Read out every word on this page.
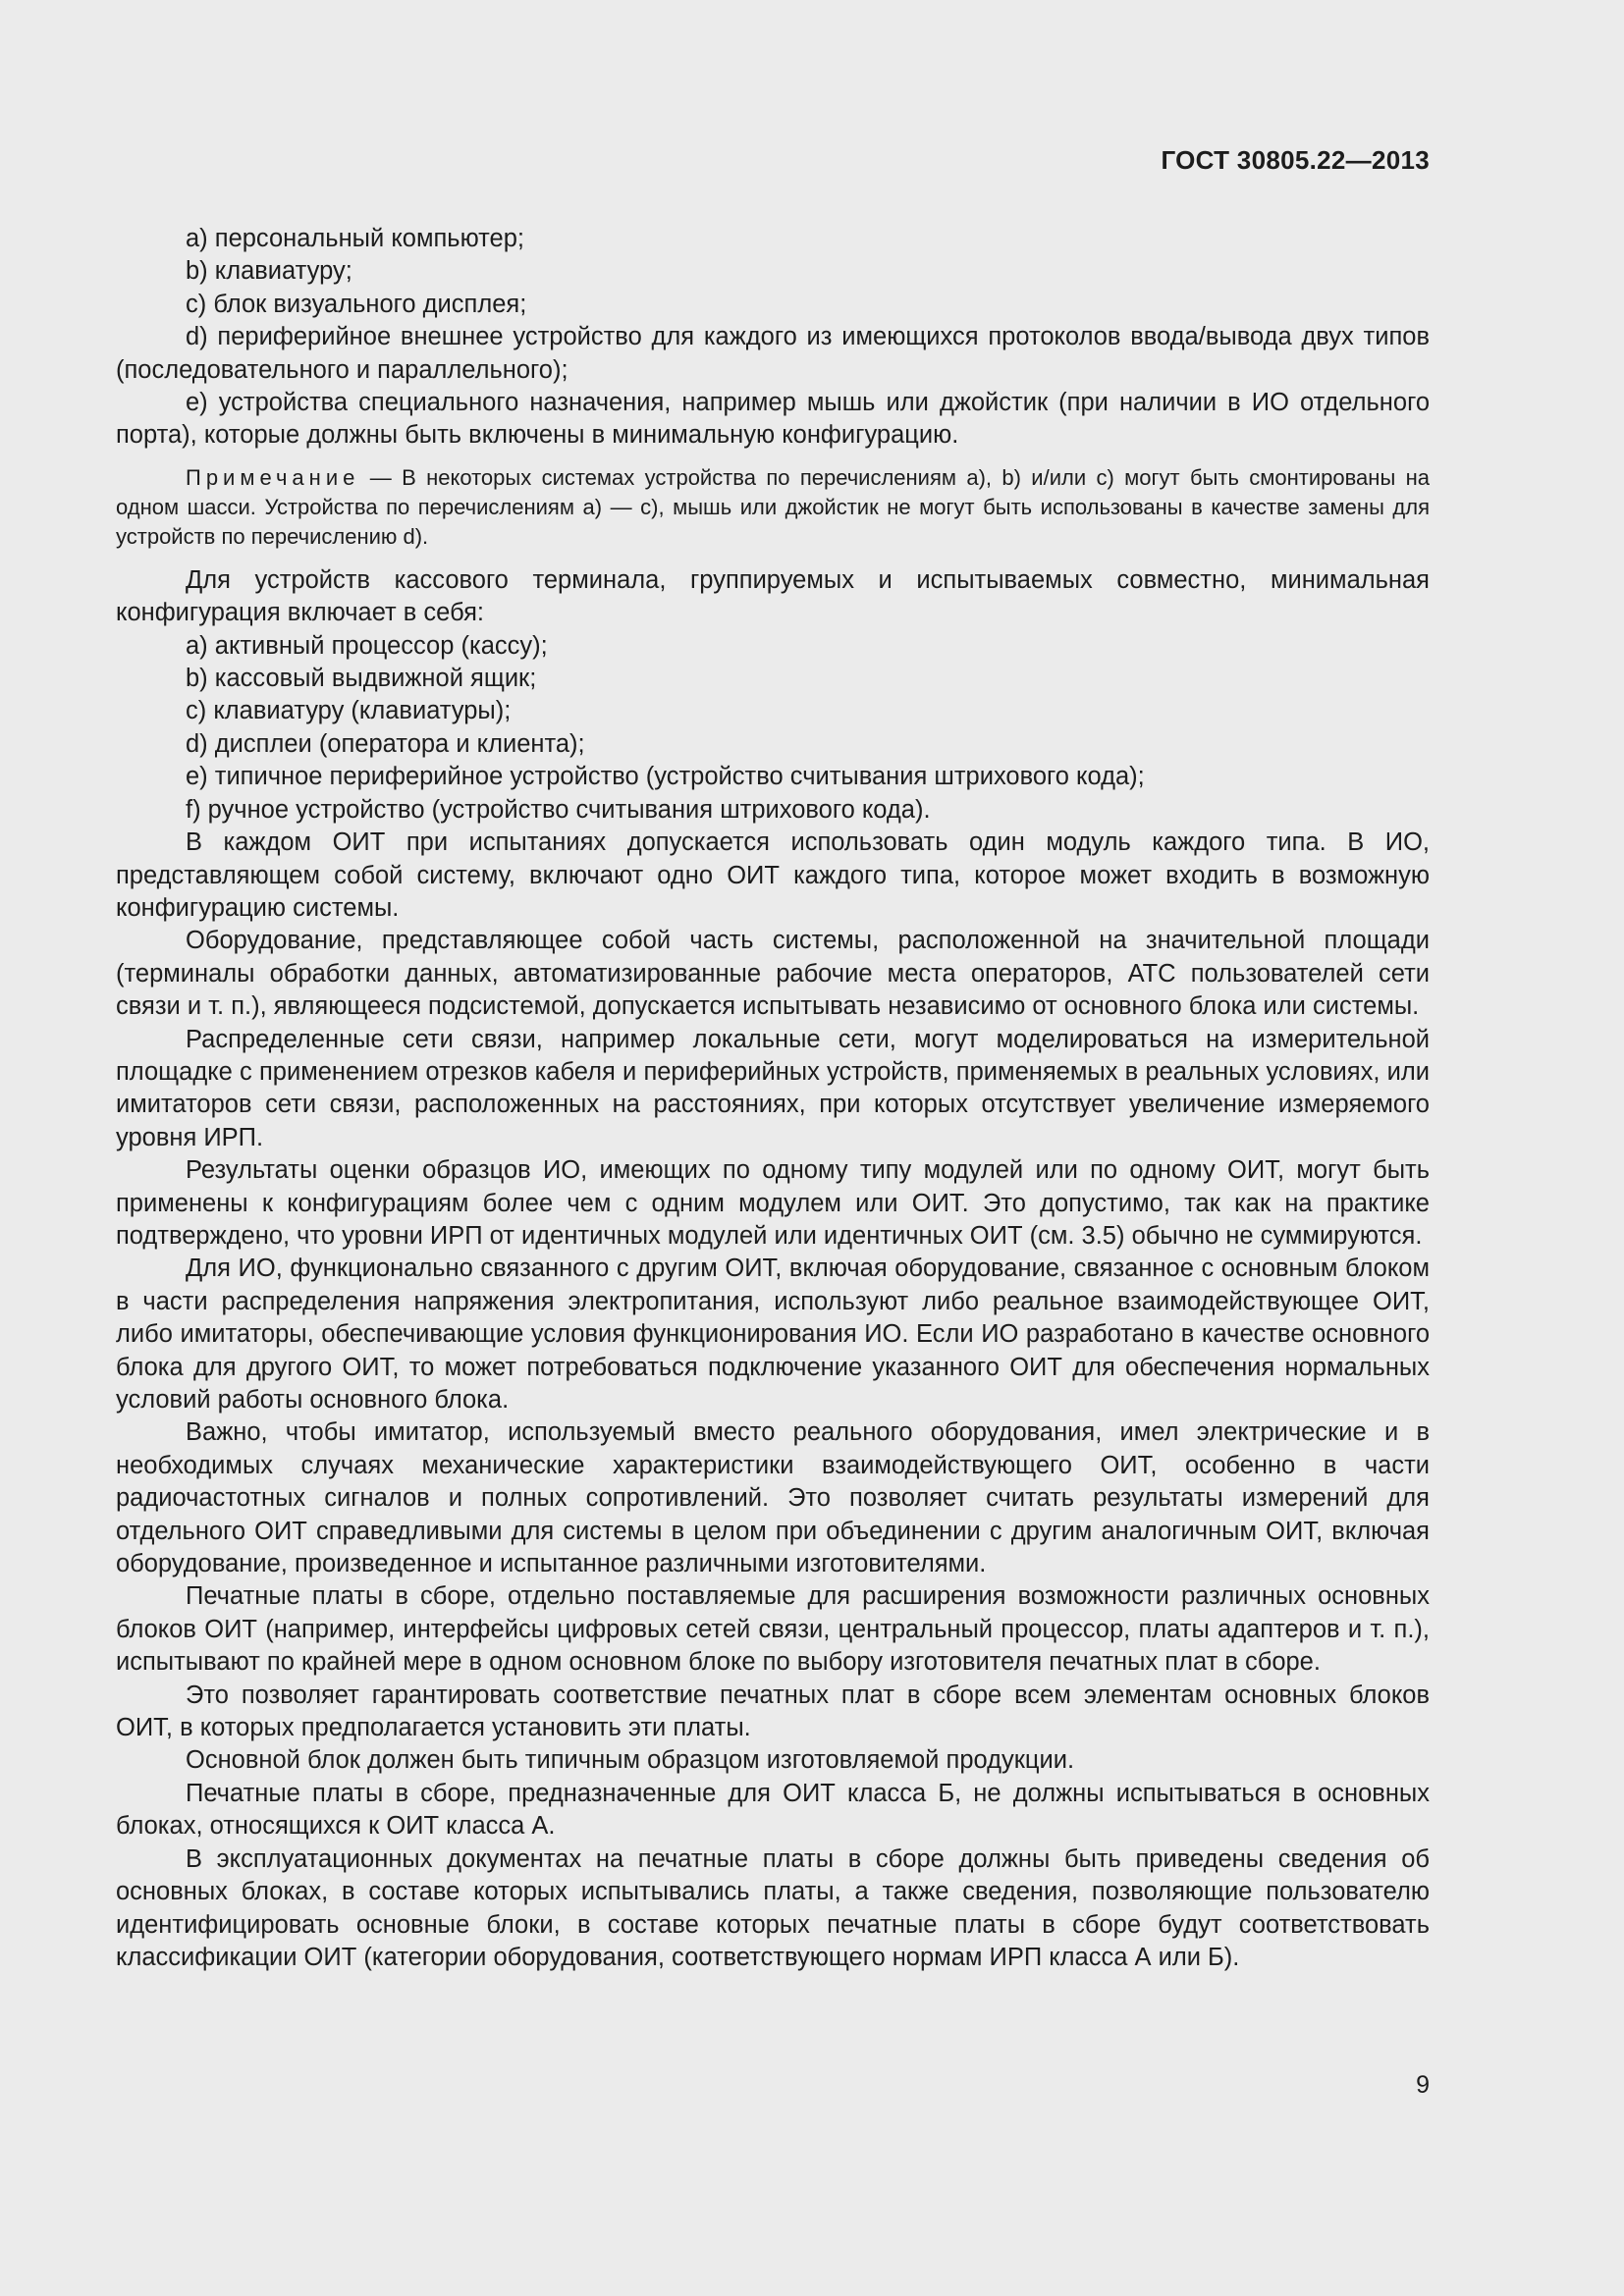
ГОСТ 30805.22—2013

a) персональный компьютер;

b) клавиатуру;

c) блок визуального дисплея;

d) периферийное внешнее устройство для каждого из имеющихся протоколов ввода/вывода двух типов (последовательного и параллельного);

e) устройства специального назначения, например мышь или джойстик (при наличии в ИО отдельного порта), которые должны быть включены в минимальную конфигурацию.

Примечание — В некоторых системах устройства по перечислениям a), b) и/или c) могут быть смонтированы на одном шасси. Устройства по перечислениям a) — c), мышь или джойстик не могут быть использованы в качестве замены для устройств по перечислению d).

Для устройств кассового терминала, группируемых и испытываемых совместно, минимальная конфигурация включает в себя:

a) активный процессор (кассу);

b) кассовый выдвижной ящик;

c) клавиатуру (клавиатуры);

d) дисплеи (оператора и клиента);

e) типичное периферийное устройство (устройство считывания штрихового кода);

f) ручное устройство (устройство считывания штрихового кода).

В каждом ОИТ при испытаниях допускается использовать один модуль каждого типа. В ИО, представляющем собой систему, включают одно ОИТ каждого типа, которое может входить в возможную конфигурацию системы.

Оборудование, представляющее собой часть системы, расположенной на значительной площади (терминалы обработки данных, автоматизированные рабочие места операторов, АТС пользователей сети связи и т. п.), являющееся подсистемой, допускается испытывать независимо от основного блока или системы.

Распределенные сети связи, например локальные сети, могут моделироваться на измерительной площадке с применением отрезков кабеля и периферийных устройств, применяемых в реальных условиях, или имитаторов сети связи, расположенных на расстояниях, при которых отсутствует увеличение измеряемого уровня ИРП.

Результаты оценки образцов ИО, имеющих по одному типу модулей или по одному ОИТ, могут быть применены к конфигурациям более чем с одним модулем или ОИТ. Это допустимо, так как на практике подтверждено, что уровни ИРП от идентичных модулей или идентичных ОИТ (см. 3.5) обычно не суммируются.

Для ИО, функционально связанного с другим ОИТ, включая оборудование, связанное с основным блоком в части распределения напряжения электропитания, используют либо реальное взаимодействующее ОИТ, либо имитаторы, обеспечивающие условия функционирования ИО. Если ИО разработано в качестве основного блока для другого ОИТ, то может потребоваться подключение указанного ОИТ для обеспечения нормальных условий работы основного блока.

Важно, чтобы имитатор, используемый вместо реального оборудования, имел электрические и в необходимых случаях механические характеристики взаимодействующего ОИТ, особенно в части радиочастотных сигналов и полных сопротивлений. Это позволяет считать результаты измерений для отдельного ОИТ справедливыми для системы в целом при объединении с другим аналогичным ОИТ, включая оборудование, произведенное и испытанное различными изготовителями.

Печатные платы в сборе, отдельно поставляемые для расширения возможности различных основных блоков ОИТ (например, интерфейсы цифровых сетей связи, центральный процессор, платы адаптеров и т. п.), испытывают по крайней мере в одном основном блоке по выбору изготовителя печатных плат в сборе.

Это позволяет гарантировать соответствие печатных плат в сборе всем элементам основных блоков ОИТ, в которых предполагается установить эти платы.

Основной блок должен быть типичным образцом изготовляемой продукции.

Печатные платы в сборе, предназначенные для ОИТ класса Б, не должны испытываться в основных блоках, относящихся к ОИТ класса А.

В эксплуатационных документах на печатные платы в сборе должны быть приведены сведения об основных блоках, в составе которых испытывались платы, а также сведения, позволяющие пользователю идентифицировать основные блоки, в составе которых печатные платы в сборе будут соответствовать классификации ОИТ (категории оборудования, соответствующего нормам ИРП класса А или Б).

9
